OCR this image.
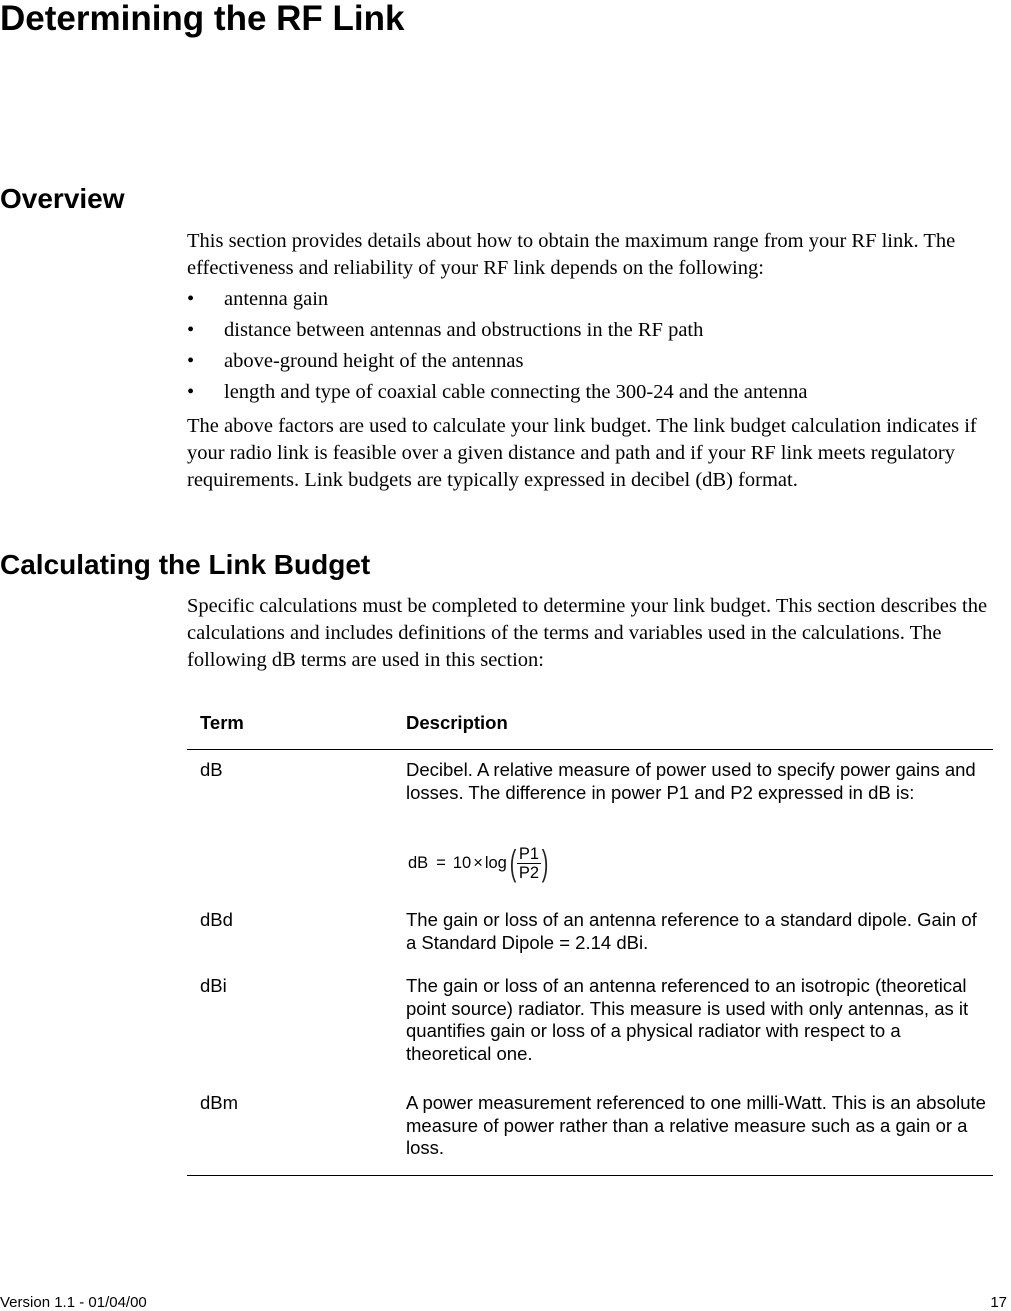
Determining the RF Link
Overview

This section provides details about how to obtain the maximum range from your RF link. The effectiveness and reliability of your RF link depends on the following:

• antenna gain
• distance between antennas and obstructions in the RF path
• above-ground height of the antennas
• length and type of coaxial cable connecting the 300-24 and the antenna

The above factors are used to calculate your link budget. The link budget calculation indicates if your radio link is feasible over a given distance and path and if your RF link meets regulatory requirements. Link budgets are typically expressed in decibel (dB) format.

Calculating the Link Budget

Specific calculations must be completed to determine your link budget. This section describes the calculations and includes definitions of the terms and variables used in the calculations. The following dB terms are used in this section:

Term	Description
dB	Decibel. A relative measure of power used to specify power gains and losses. The difference in power P1 and P2 expressed in dB is:
dB = 10 × log ( $\frac{P1}{P2}$ )
dBd	The gain or loss of an antenna reference to a standard dipole. Gain of a Standard Dipole = 2.14 dBi.
dBi	The gain or loss of an antenna referenced to an isotropic (theoretical point source) radiator. This measure is used with only antennas, as it quantifies gain or loss of a physical radiator with respect to a theoretical one.
dBm	A power measurement referenced to one milli-Watt. This is an absolute measure of power rather than a relative measure such as a gain or a loss.
Version 1.1 - 01/04/00	17
